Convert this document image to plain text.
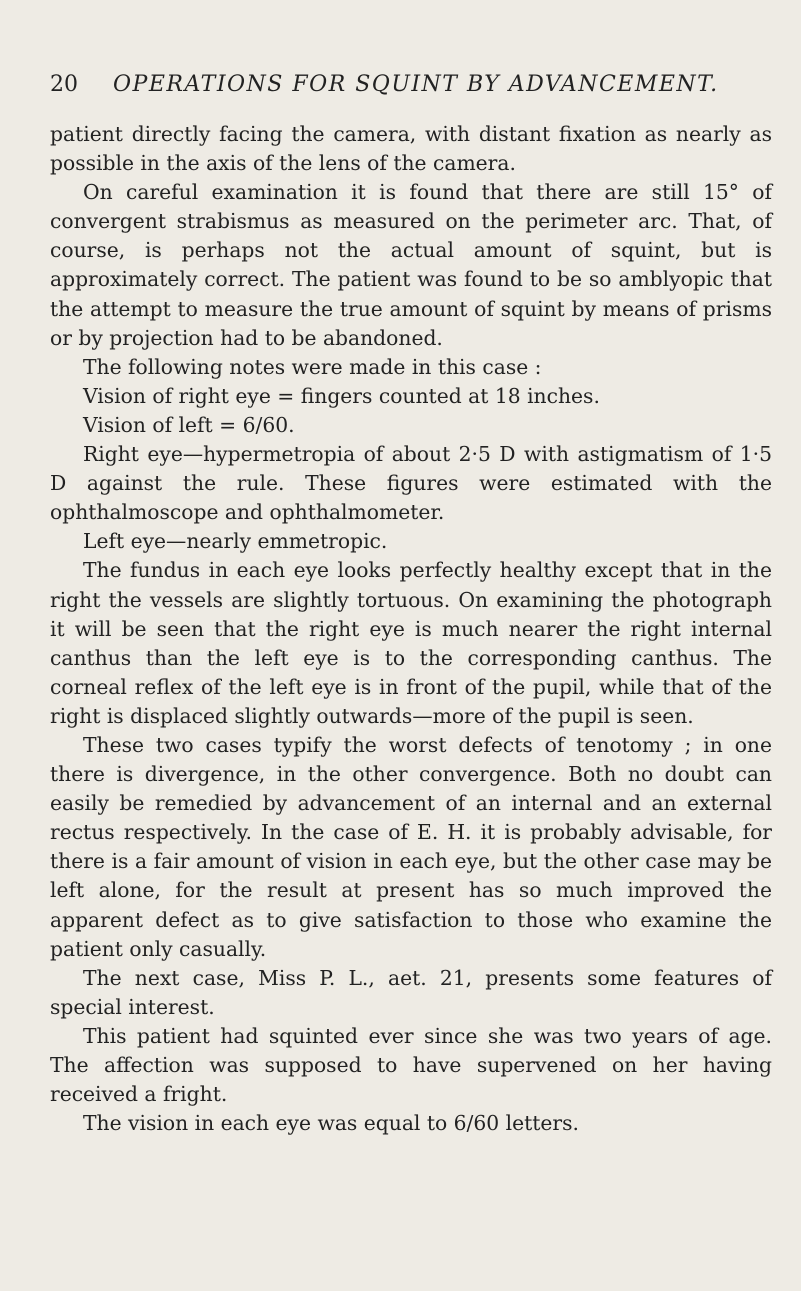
20 OPERATIONS FOR SQUINT BY ADVANCEMENT.

patient directly facing the camera, with distant fixation as nearly as possible in the axis of the lens of the camera.

On careful examination it is found that there are still 15° of convergent strabismus as measured on the perimeter arc. That, of course, is perhaps not the actual amount of squint, but is approximately correct. The patient was found to be so amblyopic that the attempt to measure the true amount of squint by means of prisms or by projection had to be abandoned.

The following notes were made in this case :

Vision of right eye = fingers counted at 18 inches.

Vision of left = 6/60.

Right eye—hypermetropia of about 2·5 D with astigmatism of 1·5 D against the rule. These figures were estimated with the ophthalmoscope and ophthalmometer.

Left eye—nearly emmetropic.

The fundus in each eye looks perfectly healthy except that in the right the vessels are slightly tortuous. On examining the photograph it will be seen that the right eye is much nearer the right internal canthus than the left eye is to the corresponding canthus. The corneal reflex of the left eye is in front of the pupil, while that of the right is displaced slightly outwards—more of the pupil is seen.

These two cases typify the worst defects of tenotomy ; in one there is divergence, in the other convergence. Both no doubt can easily be remedied by advancement of an internal and an external rectus respectively. In the case of E. H. it is probably advisable, for there is a fair amount of vision in each eye, but the other case may be left alone, for the result at present has so much improved the apparent defect as to give satisfaction to those who examine the patient only casually.

The next case, Miss P. L., aet. 21, presents some features of special interest.

This patient had squinted ever since she was two years of age. The affection was supposed to have supervened on her having received a fright.

The vision in each eye was equal to 6/60 letters.
